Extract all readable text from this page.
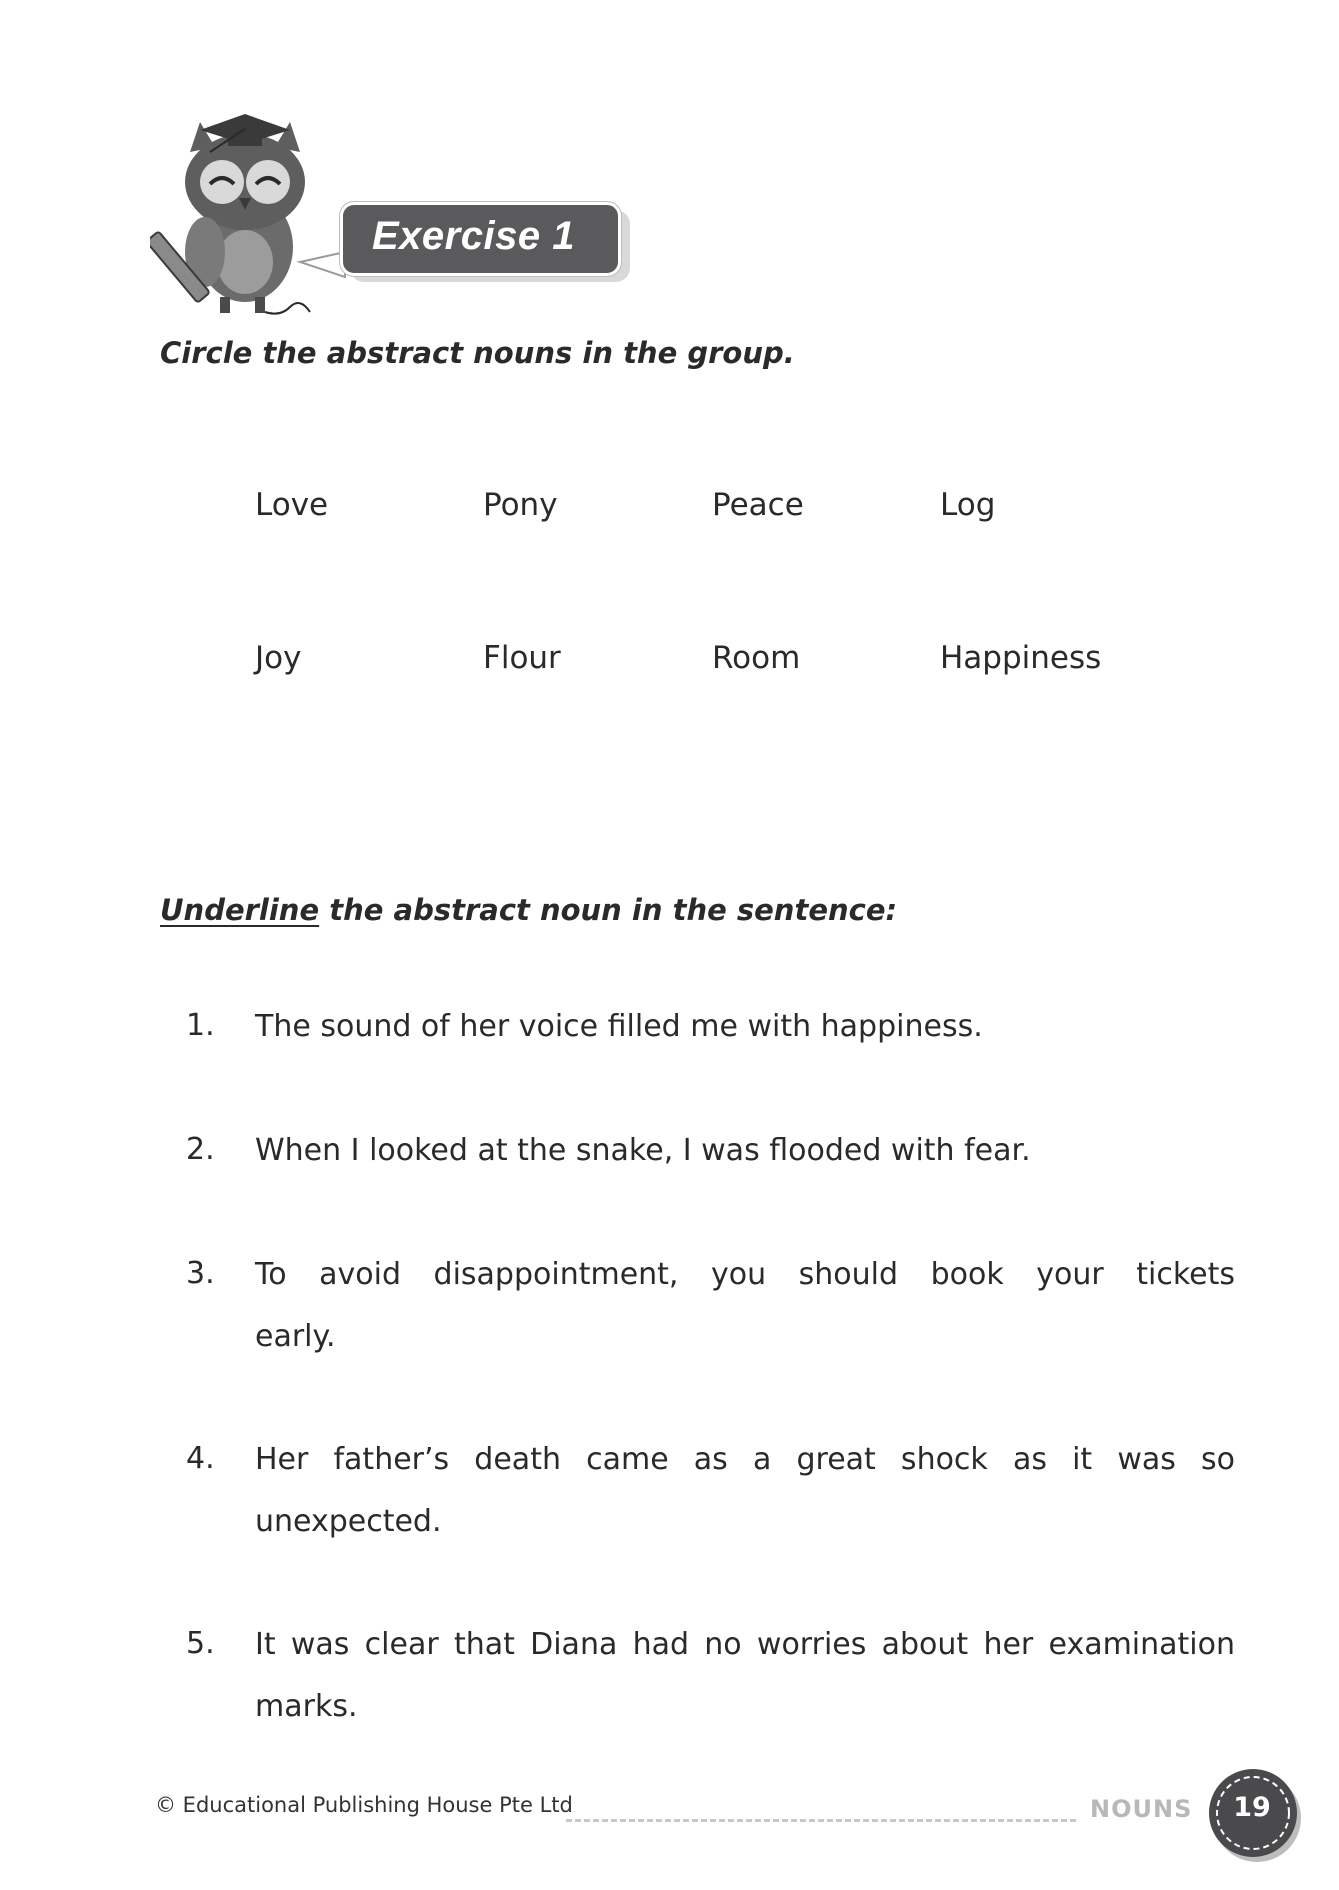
Exercise 1
Circle the abstract nouns in the group.
Love	Pony	Peace	Log
Joy	Flour	Room	Happiness
Underline the abstract noun in the sentence:
1. The sound of her voice filled me with happiness.
2. When I looked at the snake, I was flooded with fear.
3. To avoid disappointment, you should book your tickets
early.
4. Her father’s death came as a great shock as it was so
unexpected.
5. It was clear that Diana had no worries about her examination
marks.
© Educational Publishing House Pte Ltd	NOUNS	19
